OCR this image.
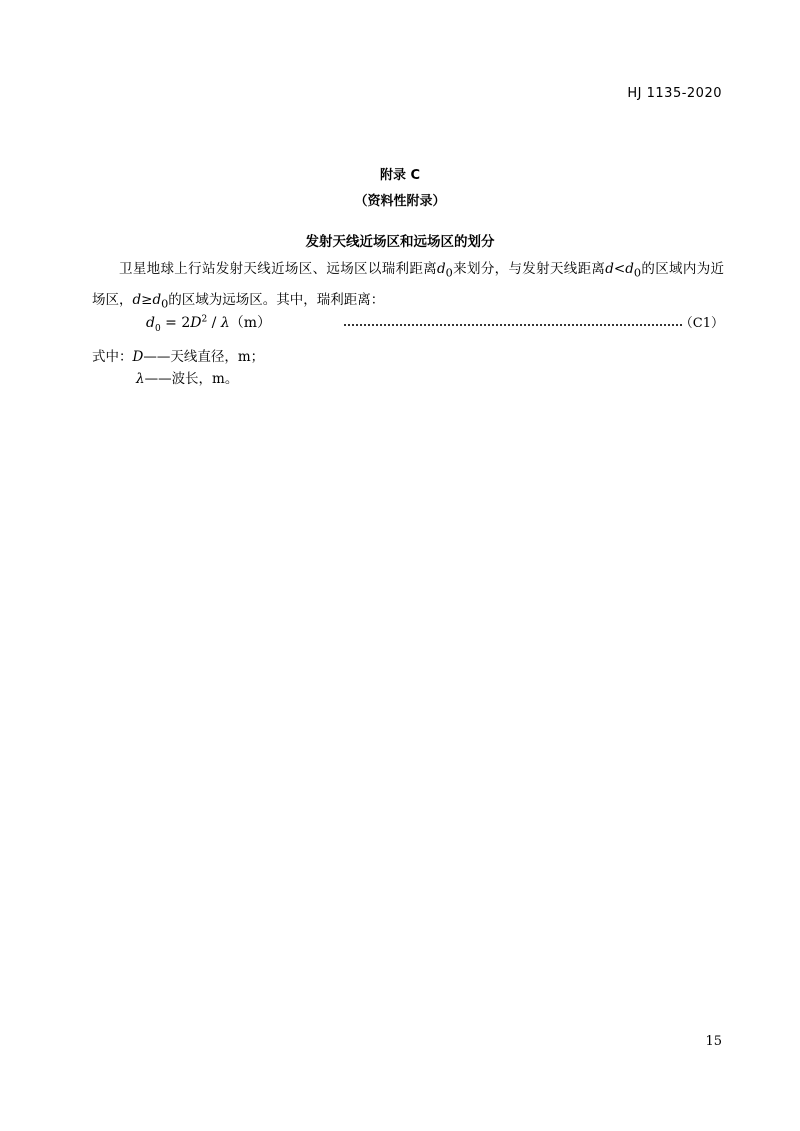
HJ 1135-2020
附录 C
（资料性附录）
发射天线近场区和远场区的划分
卫星地球上行站发射天线近场区、远场区以瑞利距离$d_0$来划分，与发射天线距离$d<d_0$的区域内为近场区，$d\ge d_0$的区域为远场区。其中，瑞利距离：
$d_0 = 2D^2 / \lambda(m)$	（C1）
式中：D——天线直径，m；
λ——波长，m。
15
